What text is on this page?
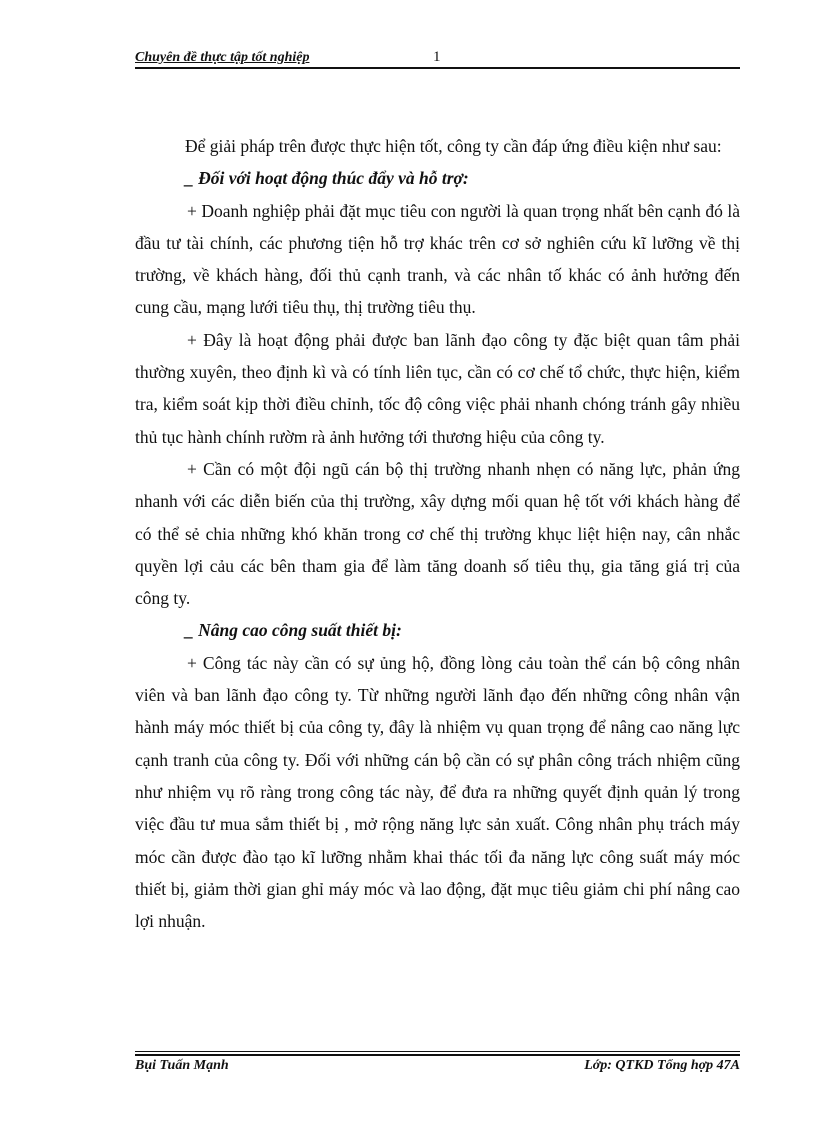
Chuyên đề thực tập tốt nghiệp	1

Để giải pháp trên được thực hiện tốt, công ty cần đáp ứng điều kiện như sau:

_ Đối với hoạt động thúc đẩy và hỗ trợ:

+ Doanh nghiệp phải đặt mục tiêu con người là quan trọng nhất bên cạnh đó là đầu tư tài chính, các phương tiện hỗ trợ khác trên cơ sở nghiên cứu kĩ lưỡng về thị trường, về khách hàng, đối thủ cạnh tranh, và các nhân tố khác có ảnh hưởng đến cung cầu, mạng lưới tiêu thụ, thị trường tiêu thụ.

+ Đây là hoạt động phải được ban lãnh đạo công ty đặc biệt quan tâm phải thường xuyên, theo định kì và có tính liên tục, cần có cơ chế tổ chức, thực hiện, kiểm tra, kiểm soát kịp thời điều chỉnh, tốc độ công việc phải nhanh chóng tránh gây nhiều thủ tục hành chính rườm rà ảnh hưởng tới thương hiệu của công ty.

+ Cần có một đội ngũ cán bộ thị trường nhanh nhẹn có năng lực, phản ứng nhanh với các diễn biến của thị trường, xây dựng mối quan hệ tốt với khách hàng để có thể sẻ chia những khó khăn trong cơ chế thị trường khục liệt hiện nay, cân nhắc quyền lợi cảu các bên tham gia để làm tăng doanh số tiêu thụ, gia tăng giá trị của công ty.

_ Nâng cao công suất thiết bị:

+ Công tác này cần có sự ủng hộ, đồng lòng cảu toàn thể cán bộ công nhân viên và ban lãnh đạo công ty. Từ những người lãnh đạo đến những công nhân vận hành máy móc thiết bị của công ty, đây là nhiệm vụ quan trọng để nâng cao năng lực cạnh tranh của công ty. Đối với những cán bộ cần có sự phân công trách nhiệm cũng như nhiệm vụ rõ ràng trong công tác này, để đưa ra những quyết định quản lý trong việc đầu tư mua sắm thiết bị , mở rộng năng lực sản xuất. Công nhân phụ trách máy móc cần được đào tạo kĩ lưỡng nhằm khai thác tối đa năng lực công suất máy móc thiết bị, giảm thời gian ghỉ máy móc và lao động, đặt mục tiêu giảm chi phí nâng cao lợi nhuận.

Bụi Tuấn Mạnh	Lớp: QTKD Tổng hợp 47A
